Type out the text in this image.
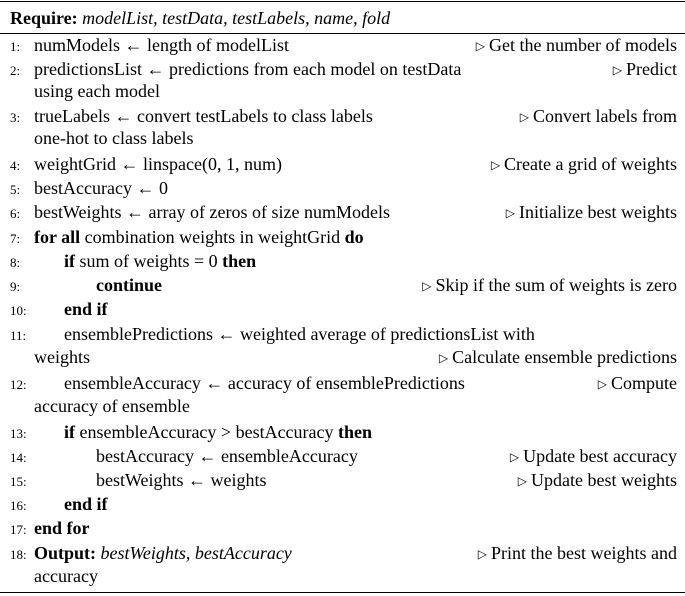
Require: modelList, testData, testLabels, name, fold
1: numModels ← length of modelList	▷ Get the number of models
2: predictionsList ← predictions from each model on testData	▷ Predict
using each model
3: trueLabels ← convert testLabels to class labels	▷ Convert labels from
one-hot to class labels
4: weightGrid ← linspace(0, 1, num)	▷ Create a grid of weights
5: bestAccuracy ← 0
6: bestWeights ← array of zeros of size numModels	▷ Initialize best weights
7: for all combination weights in weightGrid do
8:	if sum of weights = 0 then
9:	continue	▷ Skip if the sum of weights is zero
10: end if
11: ensemblePredictions ← weighted average of predictionsList with
weights	▷ Calculate ensemble predictions
12: ensembleAccuracy ← accuracy of ensemblePredictions	▷ Compute
accuracy of ensemble
13: if ensembleAccuracy > bestAccuracy then
14:	bestAccuracy ← ensembleAccuracy	▷ Update best accuracy
15:	bestWeights ← weights	▷ Update best weights
16: end if
17: end for
18: Output: bestWeights, bestAccuracy	▷ Print the best weights and
accuracy
